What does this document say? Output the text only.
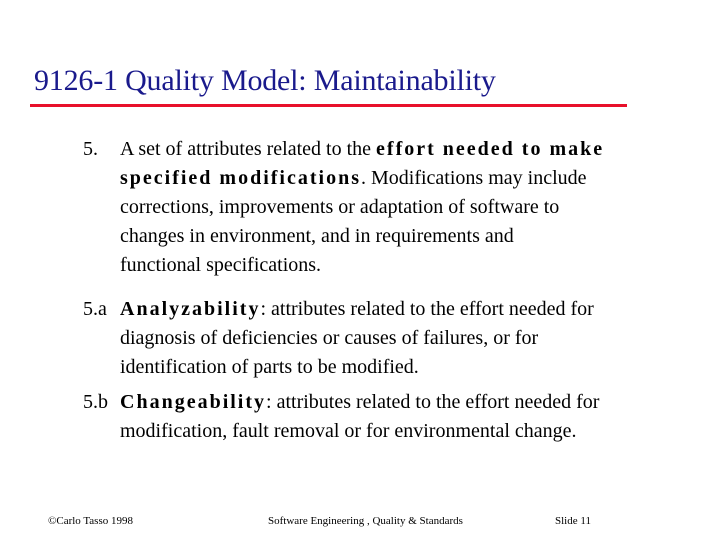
9126-1 Quality Model: Maintainability
5. A set of attributes related to the effort needed to make
specified modifications. Modifications may include
corrections, improvements or adaptation of software to
changes in environment, and in requirements and
functional specifications.
5.a Analyzability: attributes related to the effort needed for
diagnosis of deficiencies or causes of failures, or for
identification of parts to be modified.
5.b Changeability: attributes related to the effort needed for
modification, fault removal or for environmental change.
©Carlo Tasso 1998	Software Engineering , Quality & Standards	Slide 11
